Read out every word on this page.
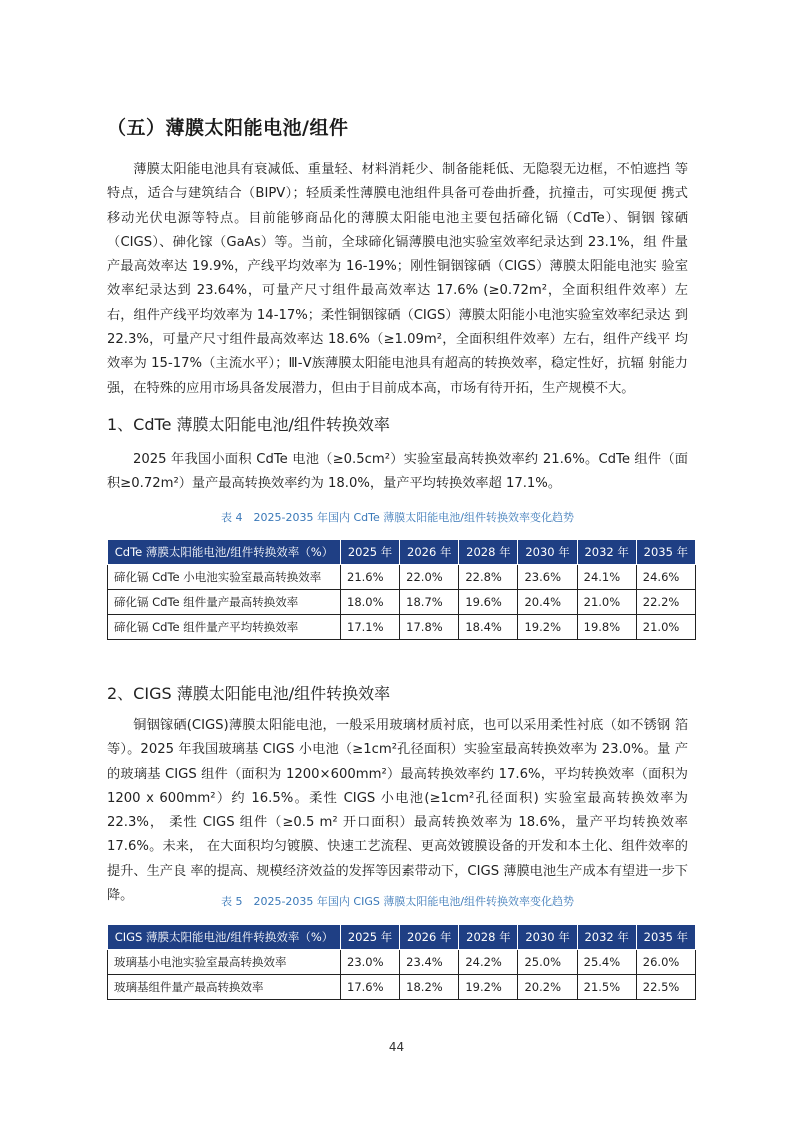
（五）薄膜太阳能电池/组件

薄膜太阳能电池具有衰减低、重量轻、材料消耗少、制备能耗低、无隐裂无边框，不怕遮挡 等特点，适合与建筑结合（BIPV）；轻质柔性薄膜电池组件具备可卷曲折叠，抗撞击，可实现便 携式移动光伏电源等特点。目前能够商品化的薄膜太阳能电池主要包括碲化镉（CdTe）、铜铟 镓硒（CIGS）、砷化镓（GaAs）等。当前，全球碲化镉薄膜电池实验室效率纪录达到 23.1%，组 件量产最高效率达 19.9%，产线平均效率为 16-19%；刚性铜铟镓硒（CIGS）薄膜太阳能电池实 验室效率纪录达到 23.64%，可量产尺寸组件最高效率达 17.6% (≥0.72m²，全面积组件效率）左 右，组件产线平均效率为 14-17%；柔性铜铟镓硒（CIGS）薄膜太阳能小电池实验室效率纪录达 到 22.3%，可量产尺寸组件最高效率达 18.6%（≥1.09m²，全面积组件效率）左右，组件产线平 均效率为 15-17%（主流水平）；Ⅲ-Ⅴ族薄膜太阳能电池具有超高的转换效率，稳定性好，抗辐 射能力强，在特殊的应用市场具备发展潜力，但由于目前成本高，市场有待开拓，生产规模不大。

1、CdTe 薄膜太阳能电池/组件转换效率

2025 年我国小面积 CdTe 电池（≥0.5cm²）实验室最高转换效率约 21.6%。CdTe 组件（面 积≥0.72m²）量产最高转换效率约为 18.0%，量产平均转换效率超 17.1%。

表 4　2025-2035 年国内 CdTe 薄膜太阳能电池/组件转换效率变化趋势

CdTe 薄膜太阳能电池/组件转换效率（%）	2025 年	2026 年	2028 年	2030 年	2032 年	2035 年
碲化镉 CdTe 小电池实验室最高转换效率	21.6%	22.0%	22.8%	23.6%	24.1%	24.6%
碲化镉 CdTe 组件量产最高转换效率	18.0%	18.7%	19.6%	20.4%	21.0%	22.2%
碲化镉 CdTe 组件量产平均转换效率	17.1%	17.8%	18.4%	19.2%	19.8%	21.0%
2、CIGS 薄膜太阳能电池/组件转换效率

铜铟镓硒(CIGS)薄膜太阳能电池，一般采用玻璃材质衬底，也可以采用柔性衬底（如不锈钢 箔等）。2025 年我国玻璃基 CIGS 小电池（≥1cm²孔径面积）实验室最高转换效率为 23.0%。量 产的玻璃基 CIGS 组件（面积为 1200×600mm²）最高转换效率约 17.6%，平均转换效率（面积为 1200 x 600mm²）约 16.5%。柔性 CIGS 小电池(≥1cm²孔径面积) 实验室最高转换效率为 22.3%， 柔性 CIGS 组件（≥0.5 m² 开口面积）最高转换效率为 18.6%，量产平均转换效率 17.6%。未来， 在大面积均匀镀膜、快速工艺流程、更高效镀膜设备的开发和本土化、组件效率的提升、生产良 率的提高、规模经济效益的发挥等因素带动下，CIGS 薄膜电池生产成本有望进一步下降。	表 5　2025-2035 年国内 CIGS 薄膜太阳能电池/组件转换效率变化趋势

CIGS 薄膜太阳能电池/组件转换效率（%）	2025 年	2026 年	2028 年	2030 年	2032 年	2035 年
玻璃基小电池实验室最高转换效率	23.0%	23.4%	24.2%	25.0%	25.4%	26.0%
玻璃基组件量产最高转换效率	17.6%	18.2%	19.2%	20.2%	21.5%	22.5%
44
